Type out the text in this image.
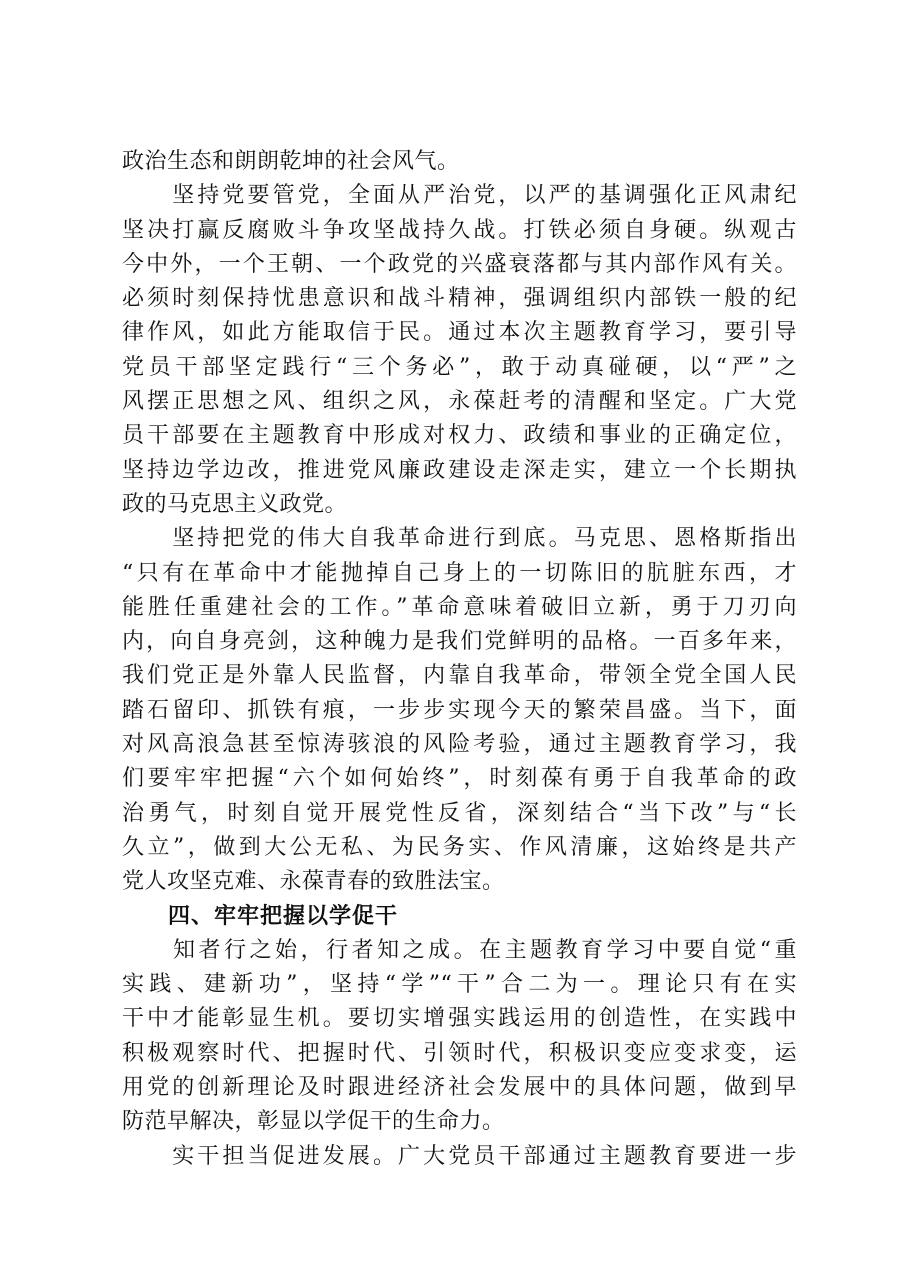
政治生态和朗朗乾坤的社会风气。
　　坚持党要管党，全面从严治党，以严的基调强化正风肃纪
坚决打赢反腐败斗争攻坚战持久战。打铁必须自身硬。纵观古
今中外，一个王朝、一个政党的兴盛衰落都与其内部作风有关。
必须时刻保持忧患意识和战斗精神，强调组织内部铁一般的纪
律作风，如此方能取信于民。通过本次主题教育学习，要引导
党员干部坚定践行“三个务必”，敢于动真碰硬，以“严”之
风摆正思想之风、组织之风，永葆赶考的清醒和坚定。广大党
员干部要在主题教育中形成对权力、政绩和事业的正确定位，
坚持边学边改，推进党风廉政建设走深走实，建立一个长期执
政的马克思主义政党。
　　坚持把党的伟大自我革命进行到底。马克思、恩格斯指出
“只有在革命中才能抛掉自己身上的一切陈旧的肮脏东西，才
能胜任重建社会的工作。”革命意味着破旧立新，勇于刀刃向
内，向自身亮剑，这种魄力是我们党鲜明的品格。一百多年来，
我们党正是外靠人民监督，内靠自我革命，带领全党全国人民
踏石留印、抓铁有痕，一步步实现今天的繁荣昌盛。当下，面
对风高浪急甚至惊涛骇浪的风险考验，通过主题教育学习，我
们要牢牢把握“六个如何始终”，时刻葆有勇于自我革命的政
治勇气，时刻自觉开展党性反省，深刻结合“当下改”与“长
久立”，做到大公无私、为民务实、作风清廉，这始终是共产
党人攻坚克难、永葆青春的致胜法宝。
　　四、牢牢把握以学促干
　　知者行之始，行者知之成。在主题教育学习中要自觉“重
实践、建新功”，坚持“学”“干”合二为一。理论只有在实
干中才能彰显生机。要切实增强实践运用的创造性，在实践中
积极观察时代、把握时代、引领时代，积极识变应变求变，运
用党的创新理论及时跟进经济社会发展中的具体问题，做到早
防范早解决，彰显以学促干的生命力。
　　实干担当促进发展。广大党员干部通过主题教育要进一步
